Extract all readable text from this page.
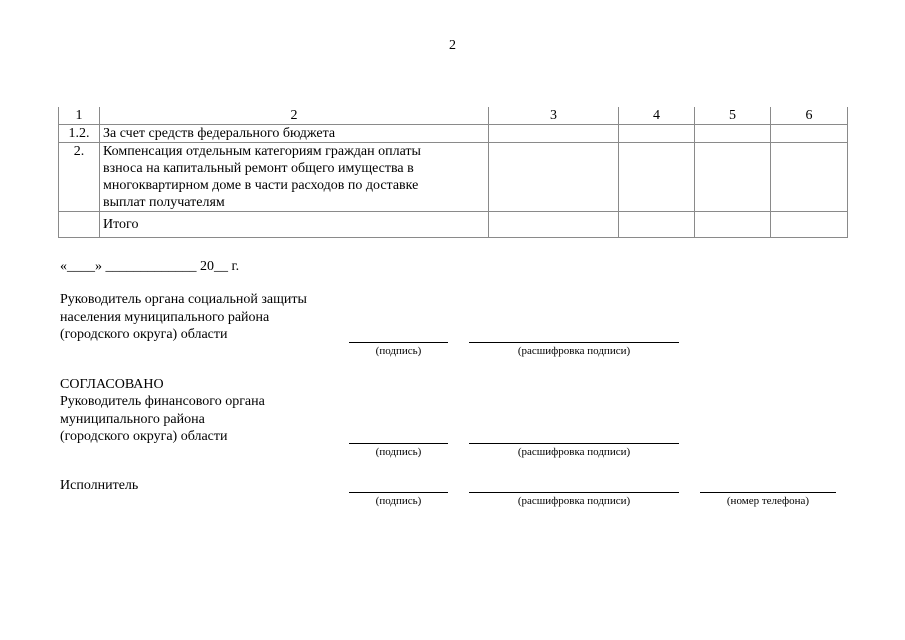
2
1	2	3	4	5	6
1.2.	За счет средств федерального бюджета				
2.	Компенсация отдельным категориям граждан оплаты
взноса на капитальный ремонт общего имущества в
многоквартирном доме в части расходов по доставке
выплат получателям				

	Итого				
«____» _____________ 20__ г.
Руководитель органа социальной защиты
населения муниципального района
(городского округа) области
(подпись)	(расшифровка подписи)
СОГЛАСОВАНО
Руководитель финансового органа
муниципального района
(городского округа) области
(подпись)	(расшифровка подписи)
Исполнитель
(подпись)	(расшифровка подписи)	(номер телефона)
